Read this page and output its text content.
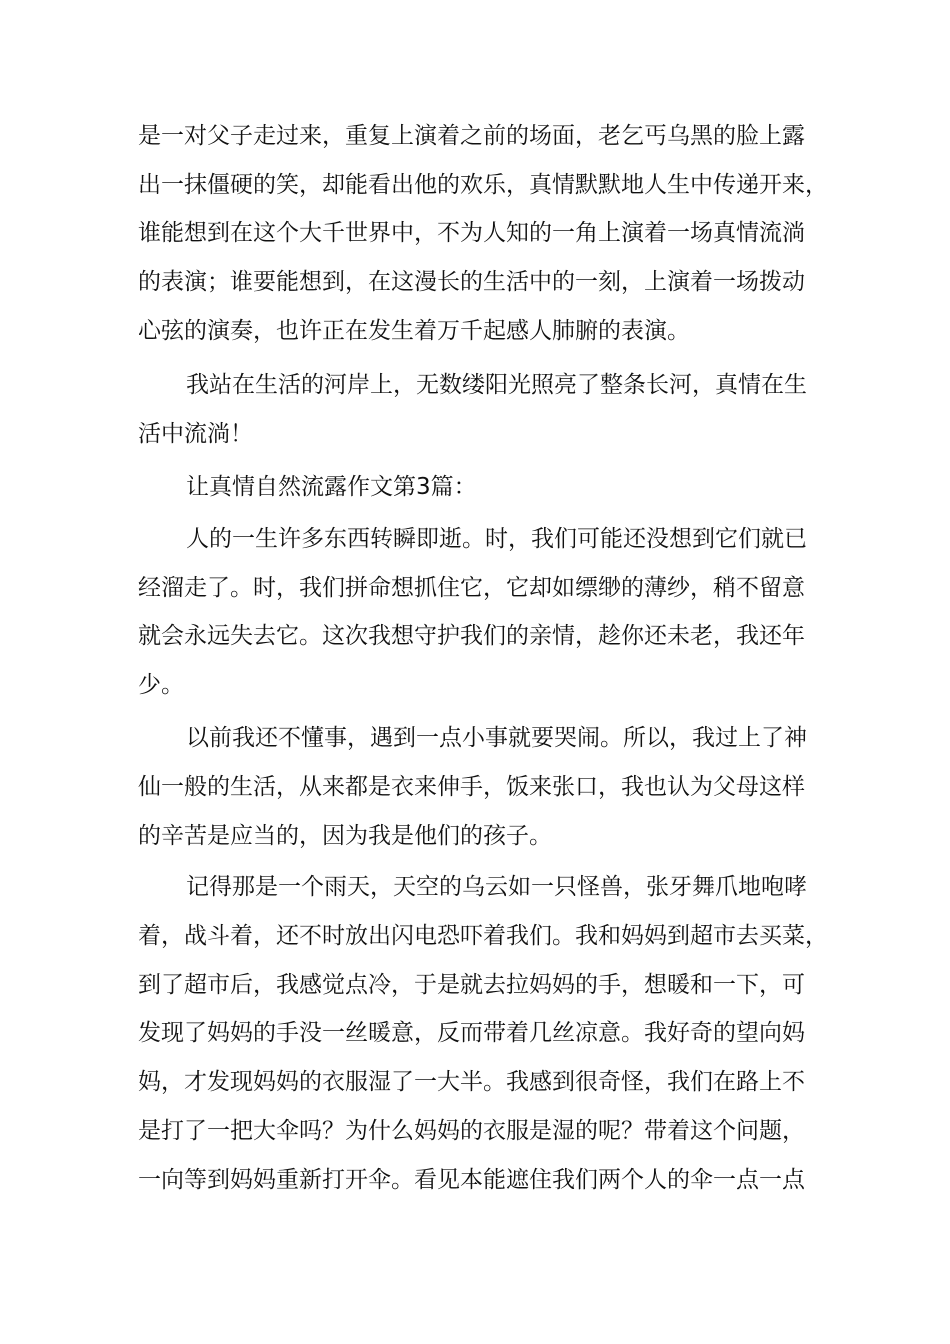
是一对父子走过来，重复上演着之前的场面，老乞丐乌黑的脸上露
出一抹僵硬的笑，却能看出他的欢乐，真情默默地人生中传递开来，
谁能想到在这个大千世界中，不为人知的一角上演着一场真情流淌
的表演；谁要能想到，在这漫长的生活中的一刻，上演着一场拨动
心弦的演奏，也许正在发生着万千起感人肺腑的表演。
我站在生活的河岸上，无数缕阳光照亮了整条长河，真情在生
活中流淌！
让真情自然流露作文第3篇：
人的一生许多东西转瞬即逝。时，我们可能还没想到它们就已
经溜走了。时，我们拼命想抓住它，它却如缥缈的薄纱，稍不留意
就会永远失去它。这次我想守护我们的亲情，趁你还未老，我还年
少。
以前我还不懂事，遇到一点小事就要哭闹。所以，我过上了神
仙一般的生活，从来都是衣来伸手，饭来张口，我也认为父母这样
的辛苦是应当的，因为我是他们的孩子。
记得那是一个雨天，天空的乌云如一只怪兽，张牙舞爪地咆哮
着，战斗着，还不时放出闪电恐吓着我们。我和妈妈到超市去买菜，
到了超市后，我感觉点冷，于是就去拉妈妈的手，想暖和一下，可
发现了妈妈的手没一丝暖意，反而带着几丝凉意。我好奇的望向妈
妈，才发现妈妈的衣服湿了一大半。我感到很奇怪，我们在路上不
是打了一把大伞吗？为什么妈妈的衣服是湿的呢？带着这个问题，
一向等到妈妈重新打开伞。看见本能遮住我们两个人的伞一点一点
